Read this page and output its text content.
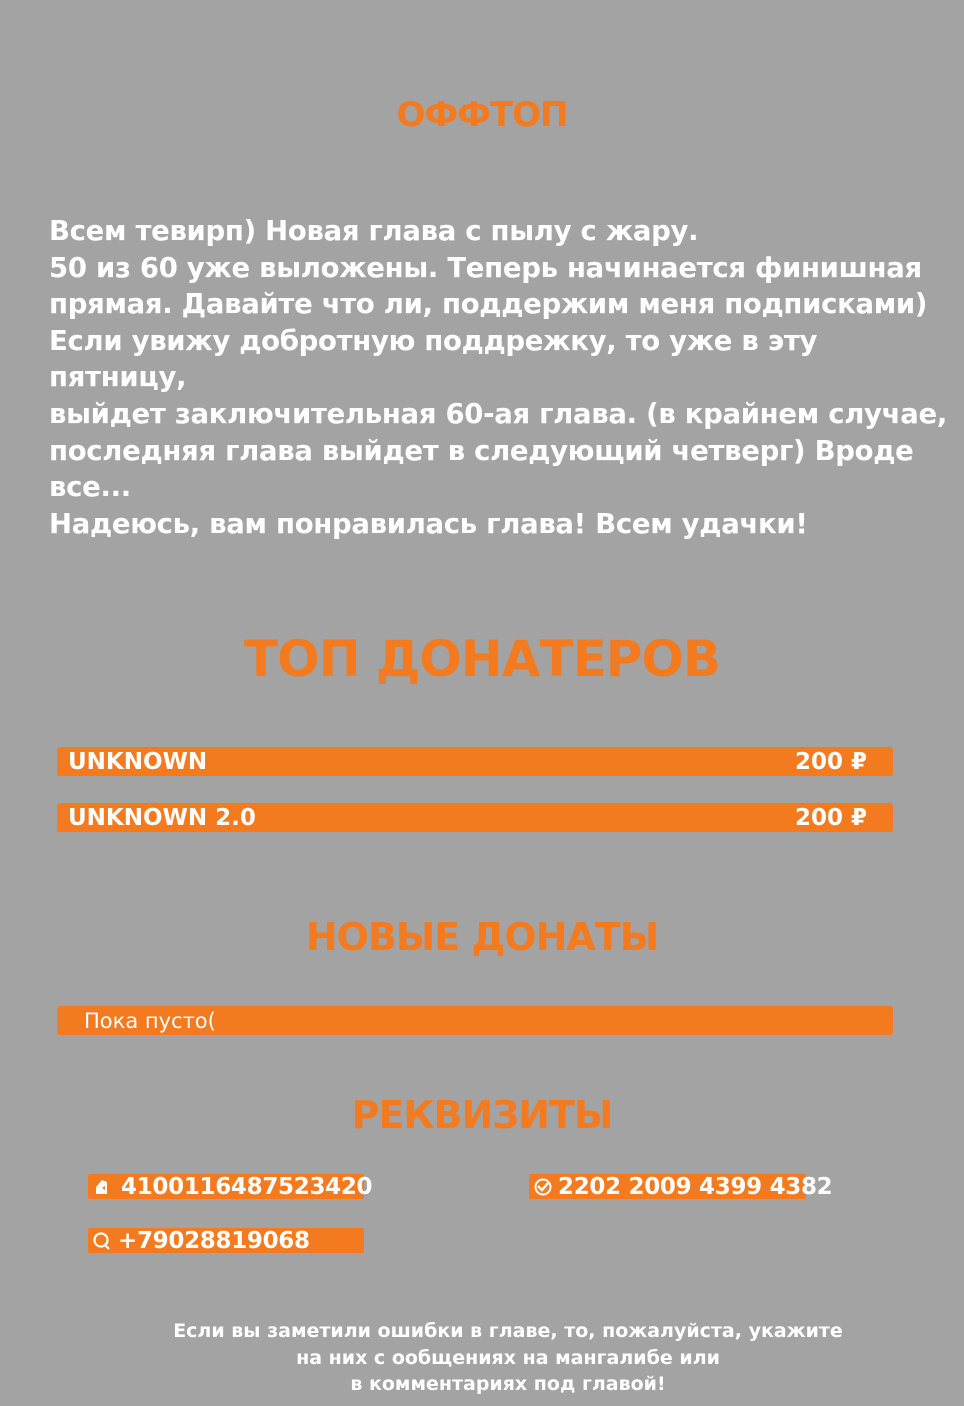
оффтоп

Всем тевирп) Новая глава с пылу с жару.
50 из 60 уже выложены. Теперь начинается финишная
прямая. Давайте что ли, поддержим меня подписками)
Если увижу добротную поддрежку, то уже в эту пятницу,
выйдет заключительная 60-ая глава. (в крайнем случае,
последняя глава выйдет в следующий четверг) Вроде все...
Надеюсь, вам понравилась глава! Всем удачки!

ТОП ДОНАТЕРОВ
UNKNOWN	200 ₽
UNKNOWN 2.0	200 ₽
НОВЫЕ ДОНАТЫ
Пока пусто(
РЕКВИЗИТЫ
4100116487523420	2202 2009 4399 4382
+79028819068

Если вы заметили ошибки в главе, то, пожалуйста, укажите
на них с ообщениях на мангалибе или
в комментариях под главой!
